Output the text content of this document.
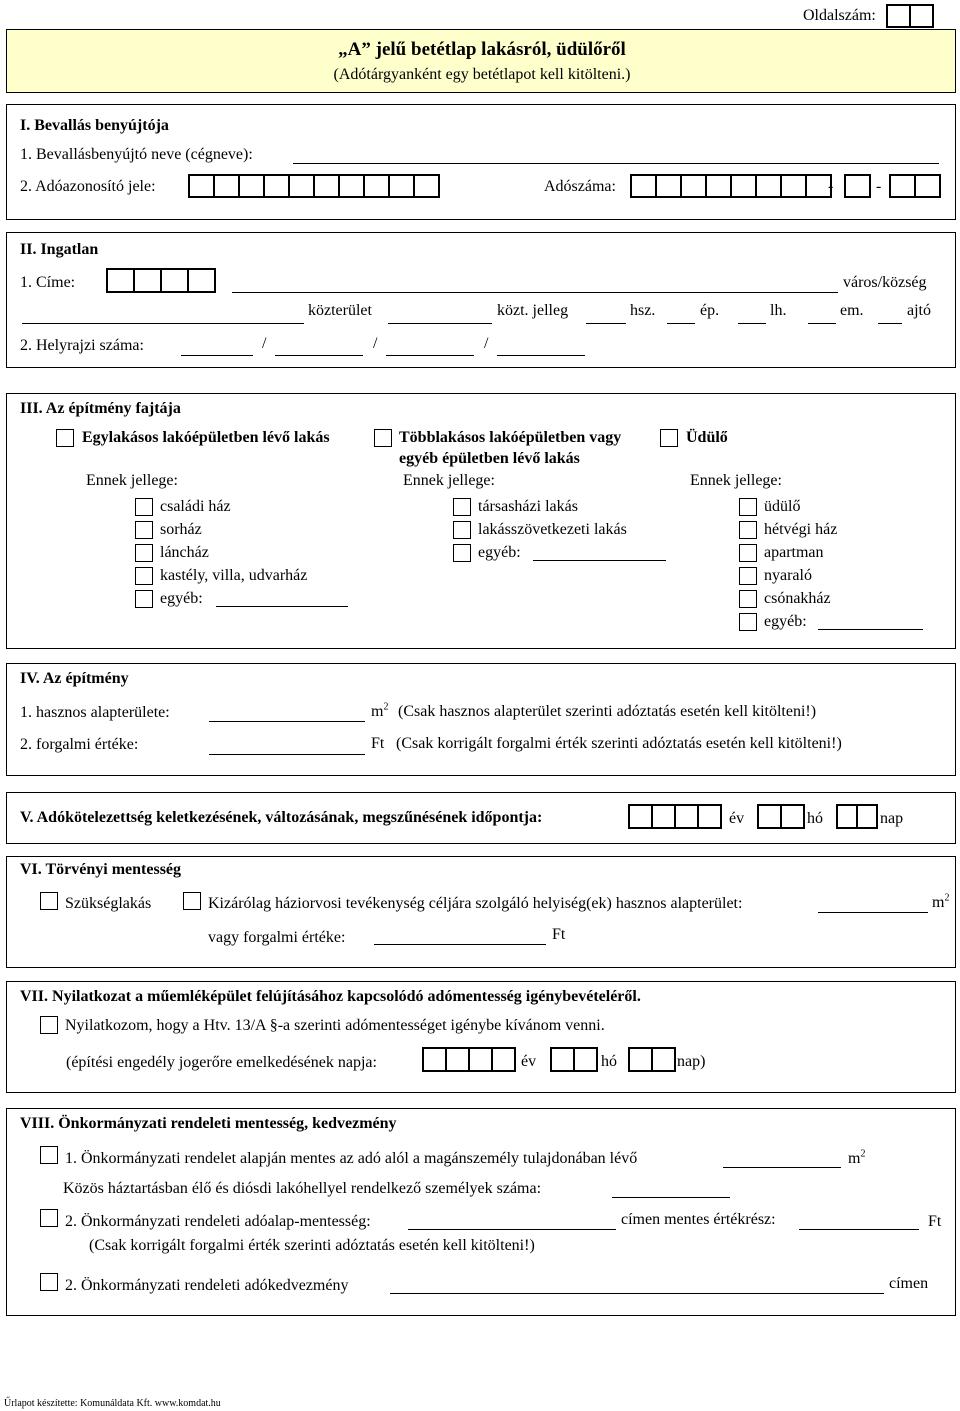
Oldalszám:
„A” jelű betétlap lakásról, üdülőről
(Adótárgyanként egy betétlapot kell kitölteni.)
I. Bevallás benyújtója
1. Bevallásbenyújtó neve (cégneve):
2. Adóazonosító jele:	Adószáma:	-	-
II. Ingatlan
1. Címe:	város/község
közterület	közt. jelleg	hsz.	ép.	lh.	em.	ajtó
2. Helyrajzi száma:	/	/	/
III. Az építmény fajtája
Egylakásos lakóépületben lévő lakás	Többlakásos lakóépületben vagy
egyéb épületben lévő lakás
Üdülő
Ennek jellege:	Ennek jellege:	Ennek jellege:
családi ház
sorház
láncház
kastély, villa, udvarház
egyéb:
társasházi lakás
lakásszövetkezeti lakás
egyéb:
üdülő
hétvégi ház
apartman
nyaraló
csónakház
egyéb:
IV. Az építmény
1. hasznos alapterülete:	$m^2$ (Csak hasznos alapterület szerinti adóztatás esetén kell kitölteni!)
2. forgalmi értéke:	Ft (Csak korrigált forgalmi érték szerinti adóztatás esetén kell kitölteni!)
V. Adókötelezettség keletkezésének, változásának, megszűnésének időpontja:	év	hó	nap
VI. Törvényi mentesség
Szükséglakás	Kizárólag háziorvosi tevékenység céljára szolgáló helyiség(ek) hasznos alapterület:	$m^2$
vagy forgalmi értéke:	Ft
VII. Nyilatkozat a műemléképület felújításához kapcsolódó adómentesség igénybevételéről.
Nyilatkozom, hogy a Htv. 13/A §-a szerinti adómentességet igénybe kívánom venni.
(építési engedély jogerőre emelkedésének napja:	év	hó	nap)
VIII. Önkormányzati rendeleti mentesség, kedvezmény
1. Önkormányzati rendelet alapján mentes az adó alól a magánszemély tulajdonában lévő	$m^2$
Közös háztartásban élő és diósdi lakóhellyel rendelkező személyek száma:
2. Önkormányzati rendeleti adóalap-mentesség:	címen mentes értékrész:	Ft
(Csak korrigált forgalmi érték szerinti adóztatás esetén kell kitölteni!)
2. Önkormányzati rendeleti adókedvezmény	címen
Űrlapot készítette: Komunáldata Kft. www.komdat.hu
